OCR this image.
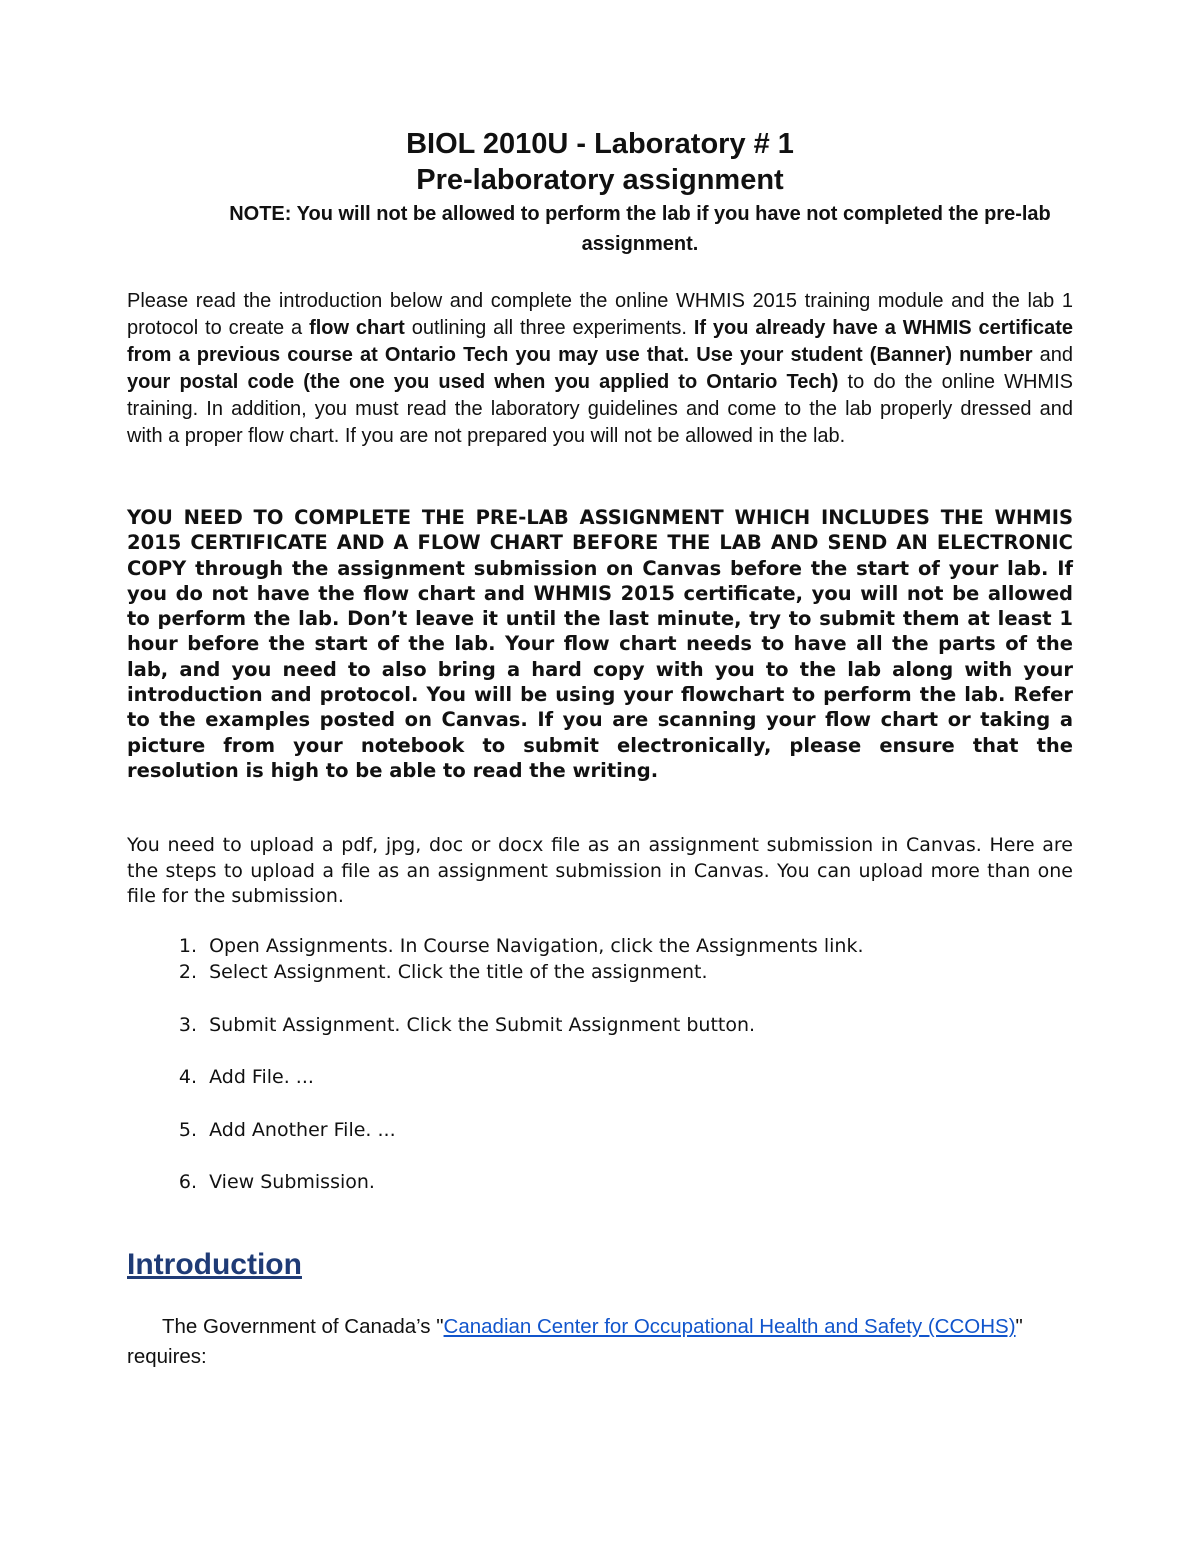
BIOL 2010U - Laboratory # 1
Pre-laboratory assignment
NOTE: You will not be allowed to perform the lab if you have not completed the pre-lab assignment.
Please read the introduction below and complete the online WHMIS 2015 training module and the lab 1 protocol to create a flow chart outlining all three experiments. If you already have a WHMIS certificate from a previous course at Ontario Tech you may use that. Use your student (Banner) number and your postal code (the one you used when you applied to Ontario Tech) to do the online WHMIS training. In addition, you must read the laboratory guidelines and come to the lab properly dressed and with a proper flow chart. If you are not prepared you will not be allowed in the lab.
YOU NEED TO COMPLETE THE PRE-LAB ASSIGNMENT WHICH INCLUDES THE WHMIS 2015 CERTIFICATE AND A FLOW CHART BEFORE THE LAB AND SEND AN ELECTRONIC COPY through the assignment submission on Canvas before the start of your lab. If you do not have the flow chart and WHMIS 2015 certificate, you will not be allowed to perform the lab. Don’t leave it until the last minute, try to submit them at least 1 hour before the start of the lab. Your flow chart needs to have all the parts of the lab, and you need to also bring a hard copy with you to the lab along with your introduction and protocol. You will be using your flowchart to perform the lab. Refer to the examples posted on Canvas. If you are scanning your flow chart or taking a picture from your notebook to submit electronically, please ensure that the resolution is high to be able to read the writing.
You need to upload a pdf, jpg, doc or docx file as an assignment submission in Canvas. Here are the steps to upload a file as an assignment submission in Canvas. You can upload more than one file for the submission.
1. Open Assignments. In Course Navigation, click the Assignments link.
2. Select Assignment. Click the title of the assignment.
3. Submit Assignment. Click the Submit Assignment button.
4. Add File. ...
5. Add Another File. ...
6. View Submission.
Introduction
The Government of Canada’s "Canadian Center for Occupational Health and Safety (CCOHS)" requires:
